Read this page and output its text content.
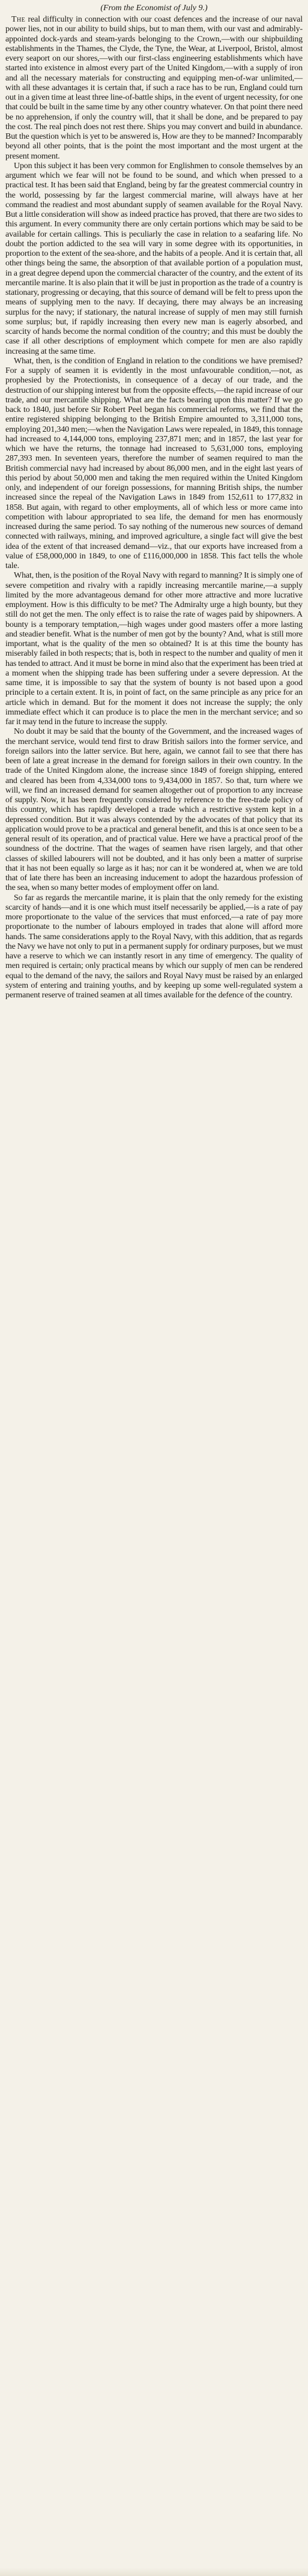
(From the Economist of July 9.)

The real difficulty in connection with our coast defences and the increase of our naval power lies, not in our ability to build ships, but to man them, with our vast and admirably-appointed dock-yards and steam-yards belonging to the Crown,—with our shipbuilding establishments in the Thames, the Clyde, the Tyne, the Wear, at Liverpool, Bristol, almost every seaport on our shores,—with our first-class engineering establishments which have started into existence in almost every part of the United Kingdom,—with a supply of iron and all the necessary materials for constructing and equipping men-of-war unlimited,—with all these advantages it is certain that, if such a race has to be run, England could turn out in a given time at least three line-of-battle ships, in the event of urgent necessity, for one that could be built in the same time by any other country whatever. On that point there need be no apprehension, if only the country will, that it shall be done, and be prepared to pay the cost. The real pinch does not rest there. Ships you may convert and build in abundance. But the question which is yet to be answered is, How are they to be manned? Incomparably beyond all other points, that is the point the most important and the most urgent at the present moment.

Upon this subject it has been very common for Englishmen to console themselves by an argument which we fear will not be found to be sound, and which when pressed to a practical test. It has been said that England, being by far the greatest commercial country in the world, possessing by far the largest commercial marine, will always have at her command the readiest and most abundant supply of seamen available for the Royal Navy. But a little consideration will show as indeed practice has proved, that there are two sides to this argument. In every community there are only certain portions which may be said to be available for certain callings. This is peculiarly the case in relation to a seafaring life. No doubt the portion addicted to the sea will vary in some degree with its opportunities, in proportion to the extent of the sea-shore, and the habits of a people. And it is certain that, all other things being the same, the absorption of that available portion of a population must, in a great degree depend upon the commercial character of the country, and the extent of its mercantile marine. It is also plain that it will be just in proportion as the trade of a country is stationary, progressing or decaying, that this source of demand will be felt to press upon the means of supplying men to the navy. If decaying, there may always be an increasing surplus for the navy; if stationary, the natural increase of supply of men may still furnish some surplus; but, if rapidly increasing then every new man is eagerly absorbed, and scarcity of hands become the normal condition of the country; and this must be doubly the case if all other descriptions of employment which compete for men are also rapidly increasing at the same time.

What, then, is the condition of England in relation to the conditions we have premised? For a supply of seamen it is evidently in the most unfavourable condition,—not, as prophesied by the Protectionists, in consequence of a decay of our trade, and the destruction of our shipping interest but from the opposite effects,—the rapid increase of our trade, and our mercantile shipping. What are the facts bearing upon this matter? If we go back to 1840, just before Sir Robert Peel began his commercial reforms, we find that the entire registered shipping belonging to the British Empire amounted to 3,311,000 tons, employing 201,340 men;—when the Navigation Laws were repealed, in 1849, this tonnage had increased to 4,144,000 tons, employing 237,871 men; and in 1857, the last year for which we have the returns, the tonnage had increased to 5,631,000 tons, employing 287,393 men. In seventeen years, therefore the number of seamen required to man the British commercial navy had increased by about 86,000 men, and in the eight last years of this period by about 50,000 men and taking the men required within the United Kingdom only, and independent of our foreign possessions, for manning British ships, the number increased since the repeal of the Navigation Laws in 1849 from 152,611 to 177,832 in 1858. But again, with regard to other employments, all of which less or more came into competition with labour appropriated to sea life, the demand for men has enormously increased during the same period. To say nothing of the numerous new sources of demand connected with railways, mining, and improved agriculture, a single fact will give the best idea of the extent of that increased demand—viz., that our exports have increased from a value of £58,000,000 in 1849, to one of £116,000,000 in 1858. This fact tells the whole tale.

What, then, is the position of the Royal Navy with regard to manning? It is simply one of severe competition and rivalry with a rapidly increasing mercantile marine,—a supply limited by the more advantageous demand for other more attractive and more lucrative employment. How is this difficulty to be met? The Admiralty urge a high bounty, but they still do not get the men. The only effect is to raise the rate of wages paid by shipowners. A bounty is a temporary temptation,—high wages under good masters offer a more lasting and steadier benefit. What is the number of men got by the bounty? And, what is still more important, what is the quality of the men so obtained? It is at this time the bounty has miserably failed in both respects; that is, both in respect to the number and quality of men it has tended to attract. And it must be borne in mind also that the experiment has been tried at a moment when the shipping trade has been suffering under a severe depression. At the same time, it is impossible to say that the system of bounty is not based upon a good principle to a certain extent. It is, in point of fact, on the same principle as any price for an article which in demand. But for the moment it does not increase the supply; the only immediate effect which it can produce is to place the men in the merchant service; and so far it may tend in the future to increase the supply.

No doubt it may be said that the bounty of the Government, and the increased wages of the merchant service, would tend first to draw British sailors into the former service, and foreign sailors into the latter service. But here, again, we cannot fail to see that there has been of late a great increase in the demand for foreign sailors in their own country. In the trade of the United Kingdom alone, the increase since 1849 of foreign shipping, entered and cleared has been from 4,334,000 tons to 9,434,000 in 1857. So that, turn where we will, we find an increased demand for seamen altogether out of proportion to any increase of supply. Now, it has been frequently considered by reference to the free-trade policy of this country, which has rapidly developed a trade which a restrictive system kept in a depressed condition. But it was always contended by the advocates of that policy that its application would prove to be a practical and general benefit, and this is at once seen to be a general result of its operation, and of practical value. Here we have a practical proof of the soundness of the doctrine. That the wages of seamen have risen largely, and that other classes of skilled labourers will not be doubted, and it has only been a matter of surprise that it has not been equally so large as it has; nor can it be wondered at, when we are told that of late there has been an increasing inducement to adopt the hazardous profession of the sea, when so many better modes of employment offer on land.

So far as regards the mercantile marine, it is plain that the only remedy for the existing scarcity of hands—and it is one which must itself necessarily be applied,—is a rate of pay more proportionate to the value of the services that must enforced,—a rate of pay more proportionate to the number of labours employed in trades that alone will afford more hands. The same considerations apply to the Royal Navy, with this addition, that as regards the Navy we have not only to put in a permanent supply for ordinary purposes, but we must have a reserve to which we can instantly resort in any time of emergency. The quality of men required is certain; only practical means by which our supply of men can be rendered equal to the demand of the navy, the sailors and Royal Navy must be raised by an enlarged system of entering and training youths, and by keeping up some well-regulated system a permanent reserve of trained seamen at all times available for the defence of the country.
